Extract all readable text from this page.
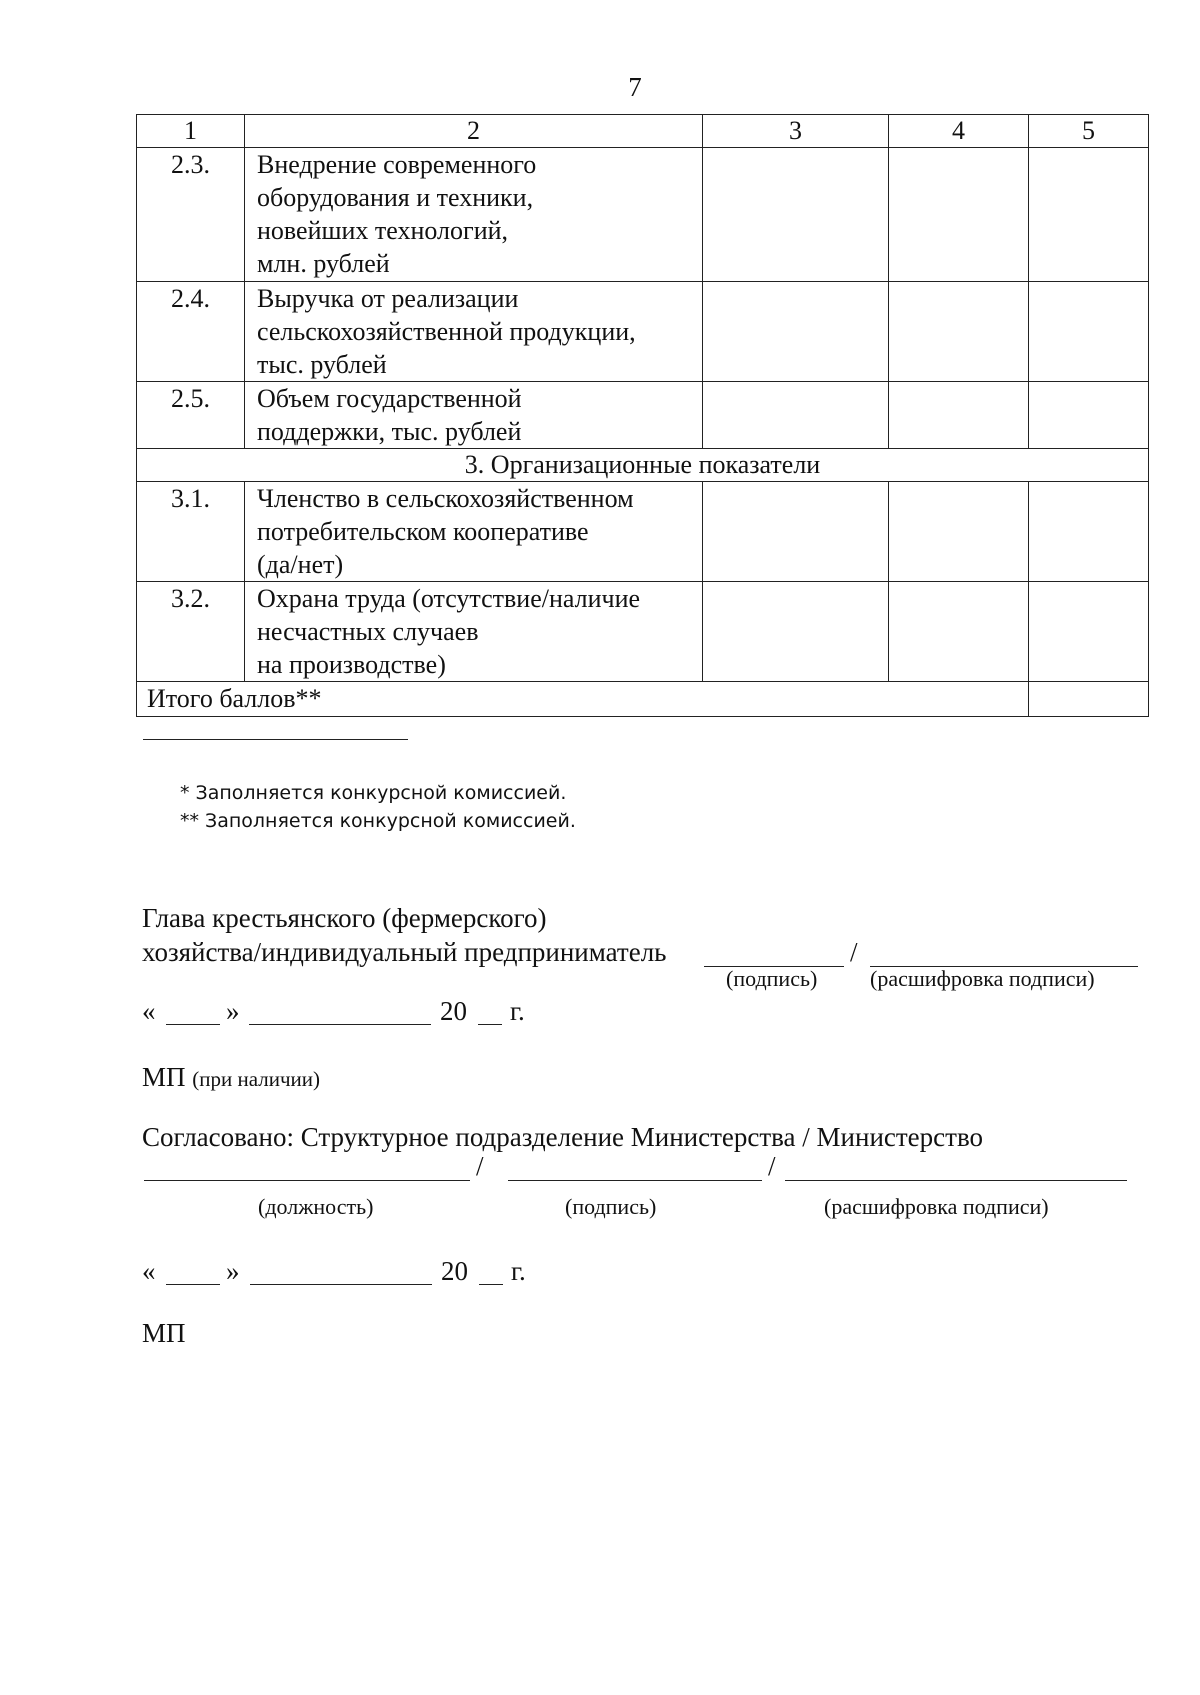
7
1	2	3	4	5
2.3.	Внедрение современного
оборудования и техники,
новейших технологий,
млн. рублей			

2.4.	Выручка от реализации
сельскохозяйственной продукции,
тыс. рублей			

2.5.	Объем государственной
поддержки, тыс. рублей			

3. Организационные показатели				
3.1.	Членство в сельскохозяйственном
потребительском кооперативе
(да/нет)			

3.2.	Охрана труда (отсутствие/наличие
несчастных случаев
на производстве)			

Итого баллов**				
* Заполняется конкурсной комиссией.
** Заполняется конкурсной комиссией.
Глава крестьянского (фермерского)
хозяйства/индивидуальный предприниматель	/
(подпись) (расшифровка подписи)
«	»	20 г.
МП (при наличии)
Согласовано: Структурное подразделение Министерства / Министерство
/	/
(должность)	(подпись)	(расшифровка подписи)
«	»	20 г.
МП
